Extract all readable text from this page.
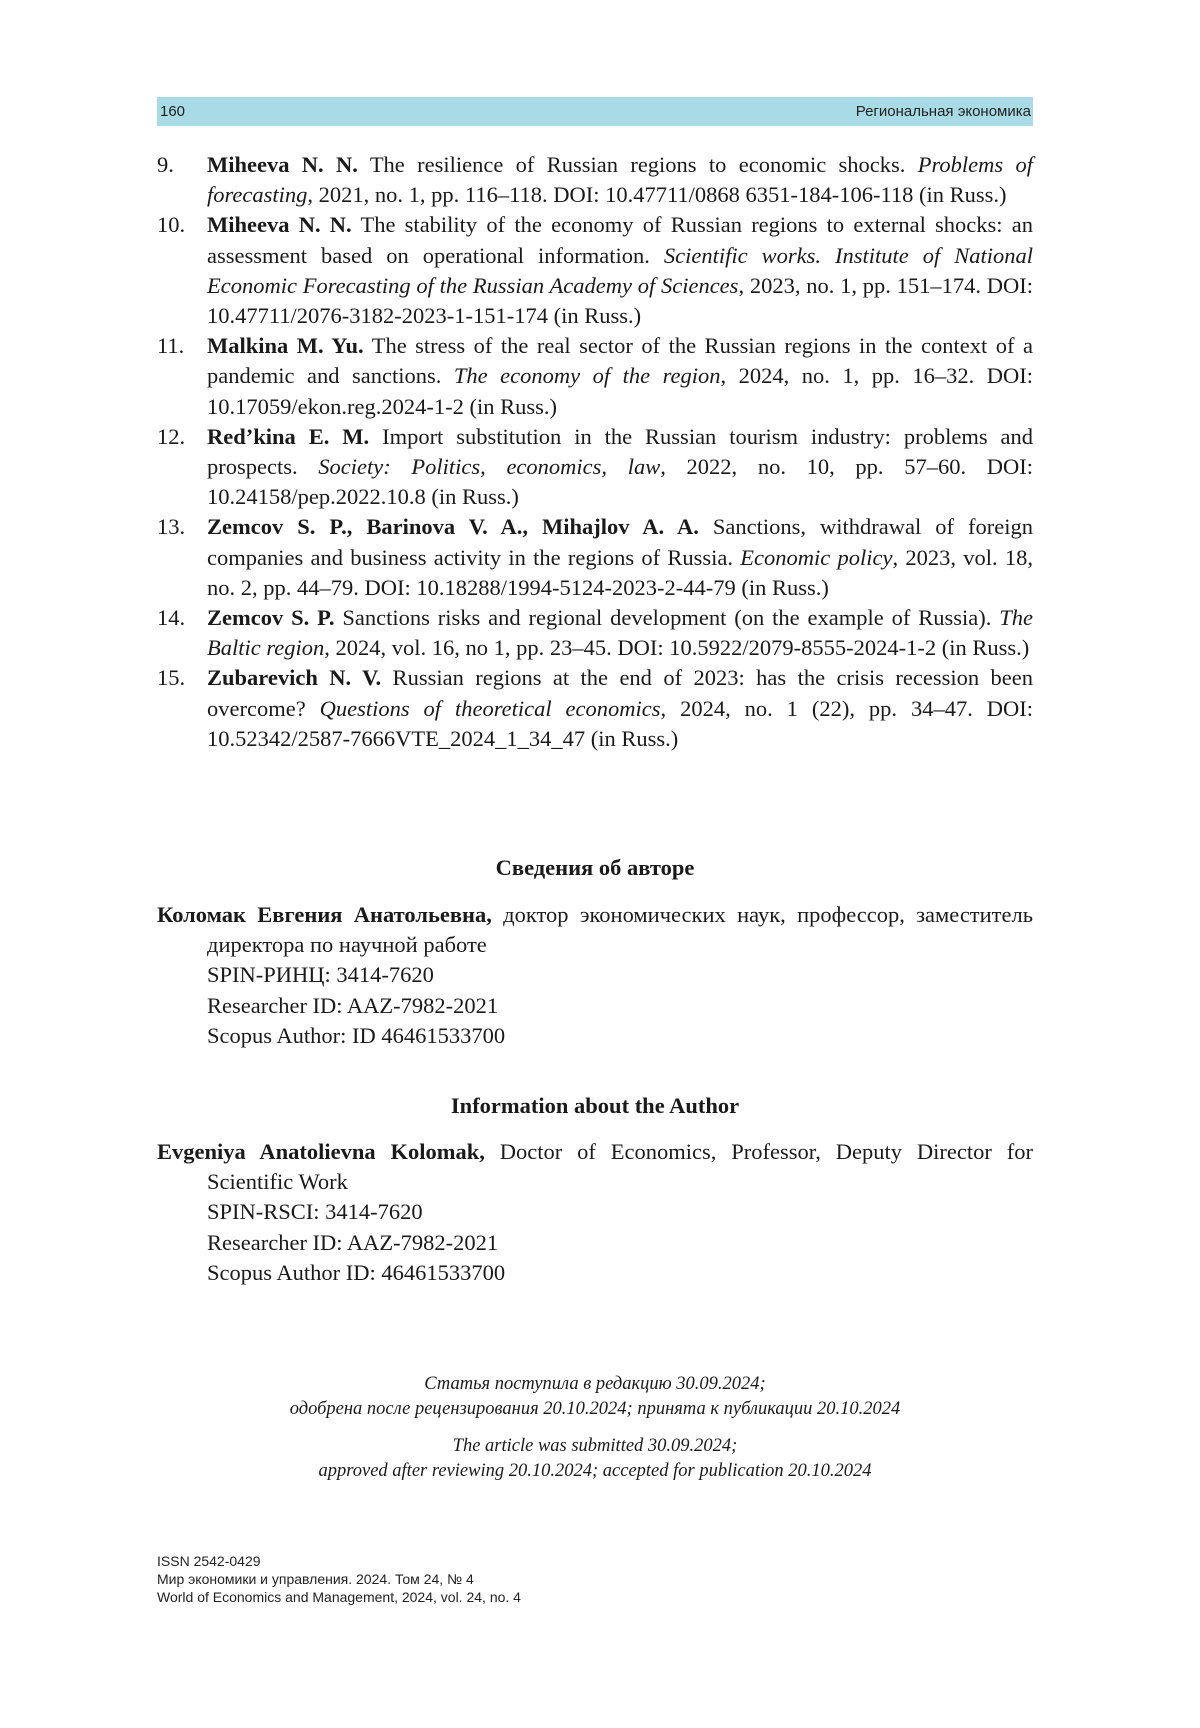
160	Региональная экономика
9. Miheeva N. N. The resilience of Russian regions to economic shocks. Problems of forecasting, 2021, no. 1, pp. 116–118. DOI: 10.47711/0868 6351-184-106-118 (in Russ.)
10. Miheeva N. N. The stability of the economy of Russian regions to external shocks: an assessment based on operational information. Scientific works. Institute of National Economic Forecasting of the Russian Academy of Sciences, 2023, no. 1, pp. 151–174. DOI: 10.47711/2076-3182-2023-1-151-174 (in Russ.)
11. Malkina M. Yu. The stress of the real sector of the Russian regions in the context of a pandemic and sanctions. The economy of the region, 2024, no. 1, pp. 16–32. DOI: 10.17059/ekon.reg.2024-1-2 (in Russ.)
12. Red’kina E. M. Import substitution in the Russian tourism industry: problems and prospects. Society: Politics, economics, law, 2022, no. 10, pp. 57–60. DOI: 10.24158/pep.2022.10.8 (in Russ.)
13. Zemcov S. P., Barinova V. A., Mihajlov A. A. Sanctions, withdrawal of foreign companies and business activity in the regions of Russia. Economic policy, 2023, vol. 18, no. 2, pp. 44–79. DOI: 10.18288/1994-5124-2023-2-44-79 (in Russ.)
14. Zemcov S. P. Sanctions risks and regional development (on the example of Russia). The Baltic region, 2024, vol. 16, no 1, pp. 23–45. DOI: 10.5922/2079-8555-2024-1-2 (in Russ.)
15. Zubarevich N. V. Russian regions at the end of 2023: has the crisis recession been overcome? Questions of theoretical economics, 2024, no. 1 (22), pp. 34–47. DOI: 10.52342/2587-7666VTE_2024_1_34_47 (in Russ.)
Сведения об авторе
Коломак Евгения Анатольевна, доктор экономических наук, профессор, заместитель директора по научной работе
SPIN-РИНЦ: 3414-7620
Researcher ID: AAZ-7982-2021
Scopus Author: ID 46461533700
Information about the Author
Evgeniya Anatolievna Kolomak, Doctor of Economics, Professor, Deputy Director for Scientific Work
SPIN-RSCI: 3414-7620
Researcher ID: AAZ-7982-2021
Scopus Author ID: 46461533700
Статья поступила в редакцию 30.09.2024;
одобрена после рецензирования 20.10.2024; принята к публикации 20.10.2024
The article was submitted 30.09.2024;
approved after reviewing 20.10.2024; accepted for publication 20.10.2024
ISSN 2542-0429
Мир экономики и управления. 2024. Том 24, № 4
World of Economics and Management, 2024, vol. 24, no. 4
